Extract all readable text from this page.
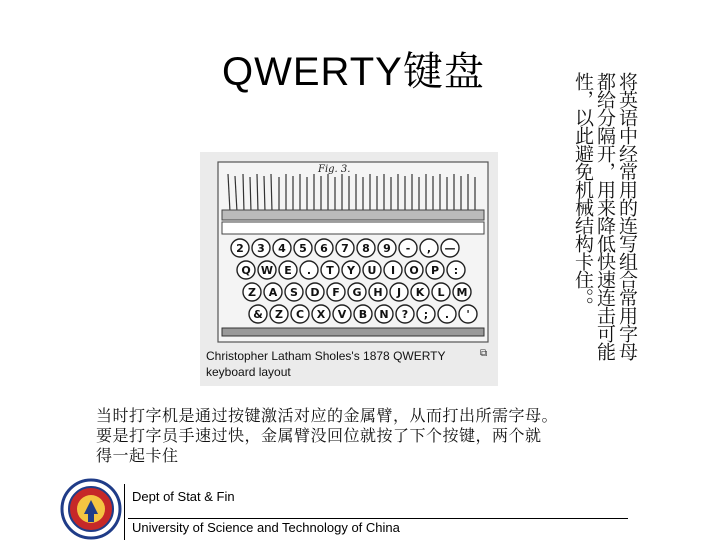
QWERTY键盘	将英语中经常用的连写组合常用字母都给分隔开，用来降低快速连击可能性，以此避免机械结构卡住。。
Fig. 3.
2 3 4 5 6 7 8 9 - , —
Q W E . T Y U I O P :
Z A S D F G H J K L M
& Z C X V B N ? ; . '
Christopher Latham Sholes's 1878 QWERTY
keyboard layout
⧉
当时打字机是通过按键激活对应的金属臂，从而打出所需字母。
要是打字员手速过快，金属臂没回位就按了下个按键，两个就
得一起卡住
Dept of Stat & Fin
University of Science and Technology of China
